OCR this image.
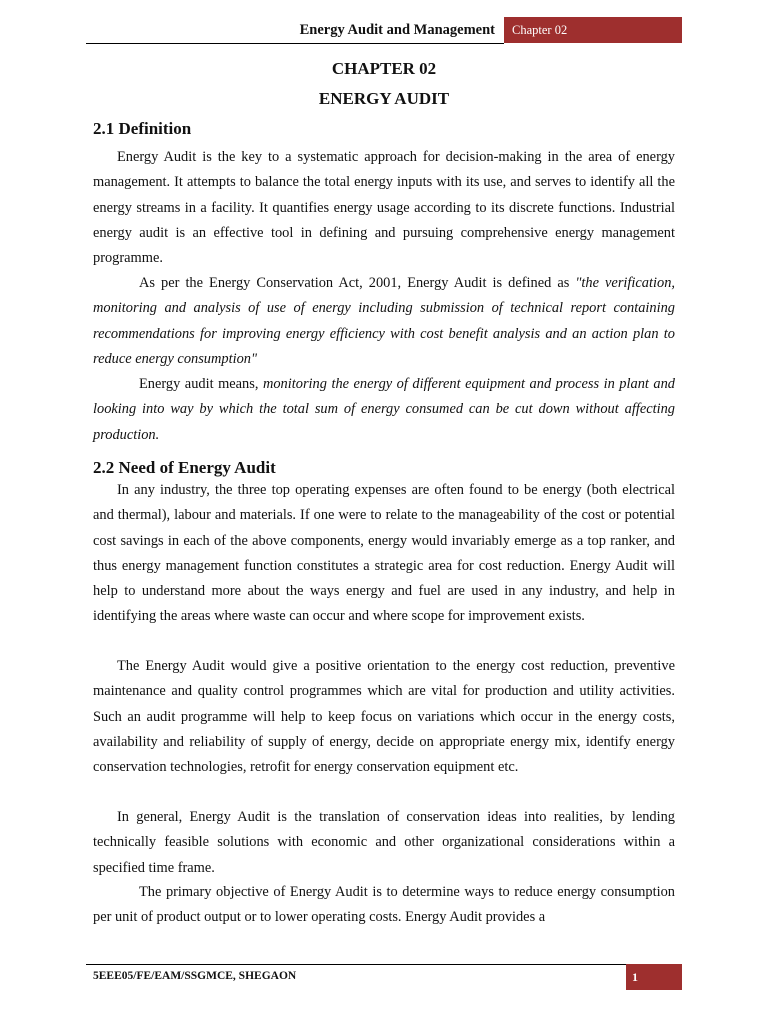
Energy Audit and Management	Chapter 02
CHAPTER 02
ENERGY AUDIT
2.1 Definition

Energy Audit is the key to a systematic approach for decision-making in the area of energy management. It attempts to balance the total energy inputs with its use, and serves to identify all the energy streams in a facility. It quantifies energy usage according to its discrete functions. Industrial energy audit is an effective tool in defining and pursuing comprehensive energy management programme.

As per the Energy Conservation Act, 2001, Energy Audit is defined as "the verification, monitoring and analysis of use of energy including submission of technical report containing recommendations for improving energy efficiency with cost benefit analysis and an action plan to reduce energy consumption"

Energy audit means, monitoring the energy of different equipment and process in plant and looking into way by which the total sum of energy consumed can be cut down without affecting production.

2.2 Need of Energy Audit

In any industry, the three top operating expenses are often found to be energy (both electrical and thermal), labour and materials. If one were to relate to the manageability of the cost or potential cost savings in each of the above components, energy would invariably emerge as a top ranker, and thus energy management function constitutes a strategic area for cost reduction. Energy Audit will help to understand more about the ways energy and fuel are used in any industry, and help in identifying the areas where waste can occur and where scope for improvement exists.

The Energy Audit would give a positive orientation to the energy cost reduction, preventive maintenance and quality control programmes which are vital for production and utility activities. Such an audit programme will help to keep focus on variations which occur in the energy costs, availability and reliability of supply of energy, decide on appropriate energy mix, identify energy conservation technologies, retrofit for energy conservation equipment etc.

In general, Energy Audit is the translation of conservation ideas into realities, by lending technically feasible solutions with economic and other organizational considerations within a specified time frame.

The primary objective of Energy Audit is to determine ways to reduce energy consumption per unit of product output or to lower operating costs. Energy Audit provides a

5EEE05/FE/EAM/SSGMCE, SHEGAON	1
